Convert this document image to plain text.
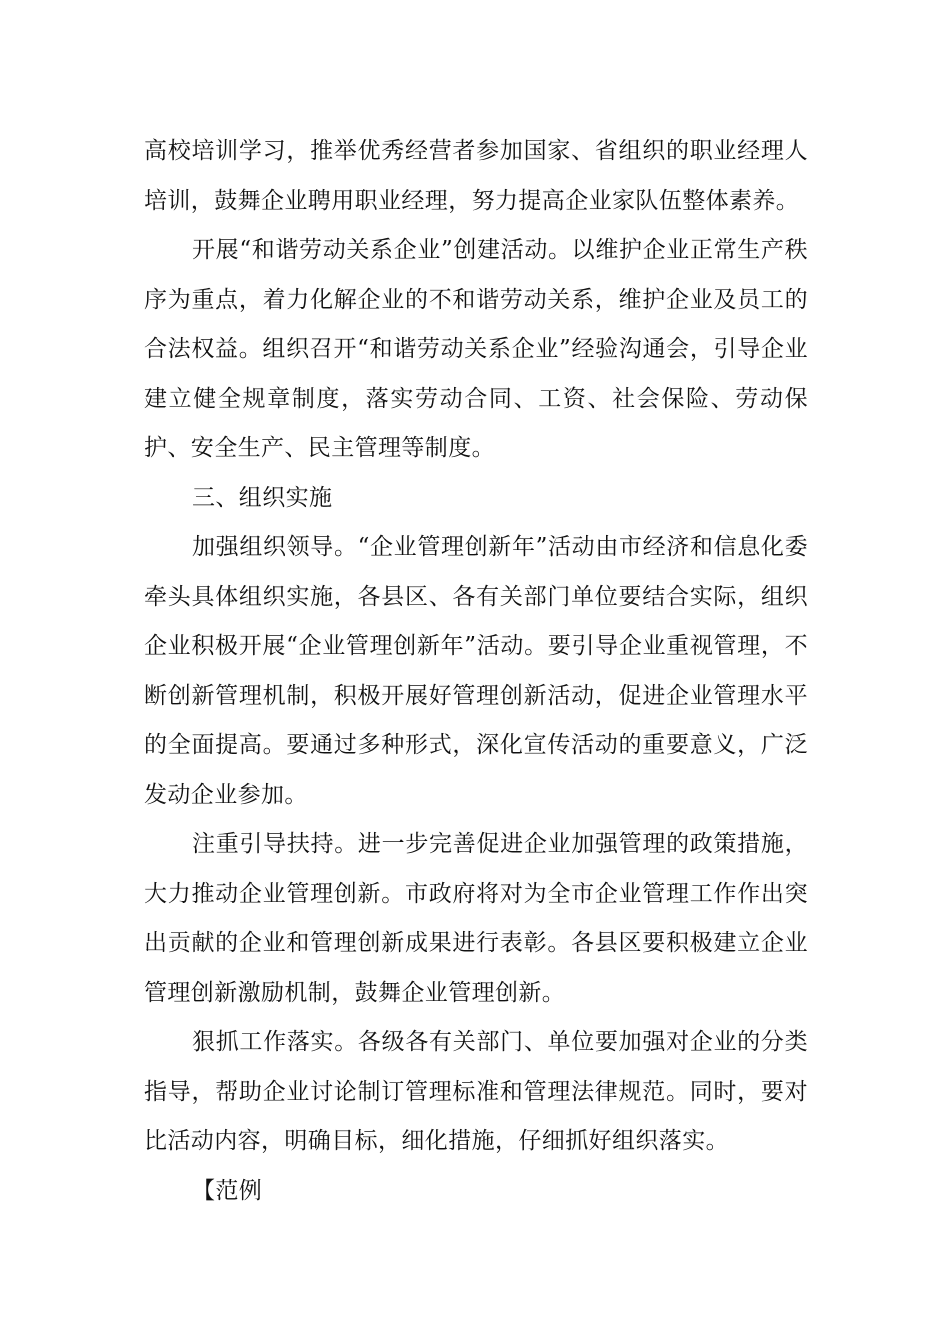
高校培训学习，推举优秀经营者参加国家、省组织的职业经理人培训，鼓舞企业聘用职业经理，努力提高企业家队伍整体素养。

开展“和谐劳动关系企业”创建活动。以维护企业正常生产秩序为重点，着力化解企业的不和谐劳动关系，维护企业及员工的合法权益。组织召开“和谐劳动关系企业”经验沟通会，引导企业建立健全规章制度，落实劳动合同、工资、社会保险、劳动保护、安全生产、民主管理等制度。

三、组织实施

加强组织领导。“企业管理创新年”活动由市经济和信息化委牵头具体组织实施，各县区、各有关部门单位要结合实际，组织企业积极开展“企业管理创新年”活动。要引导企业重视管理，不断创新管理机制，积极开展好管理创新活动，促进企业管理水平的全面提高。要通过多种形式，深化宣传活动的重要意义，广泛发动企业参加。

注重引导扶持。进一步完善促进企业加强管理的政策措施，大力推动企业管理创新。市政府将对为全市企业管理工作作出突出贡献的企业和管理创新成果进行表彰。各县区要积极建立企业管理创新激励机制，鼓舞企业管理创新。

狠抓工作落实。各级各有关部门、单位要加强对企业的分类指导，帮助企业讨论制订管理标准和管理法律规范。同时，要对比活动内容，明确目标，细化措施，仔细抓好组织落实。

【范例
